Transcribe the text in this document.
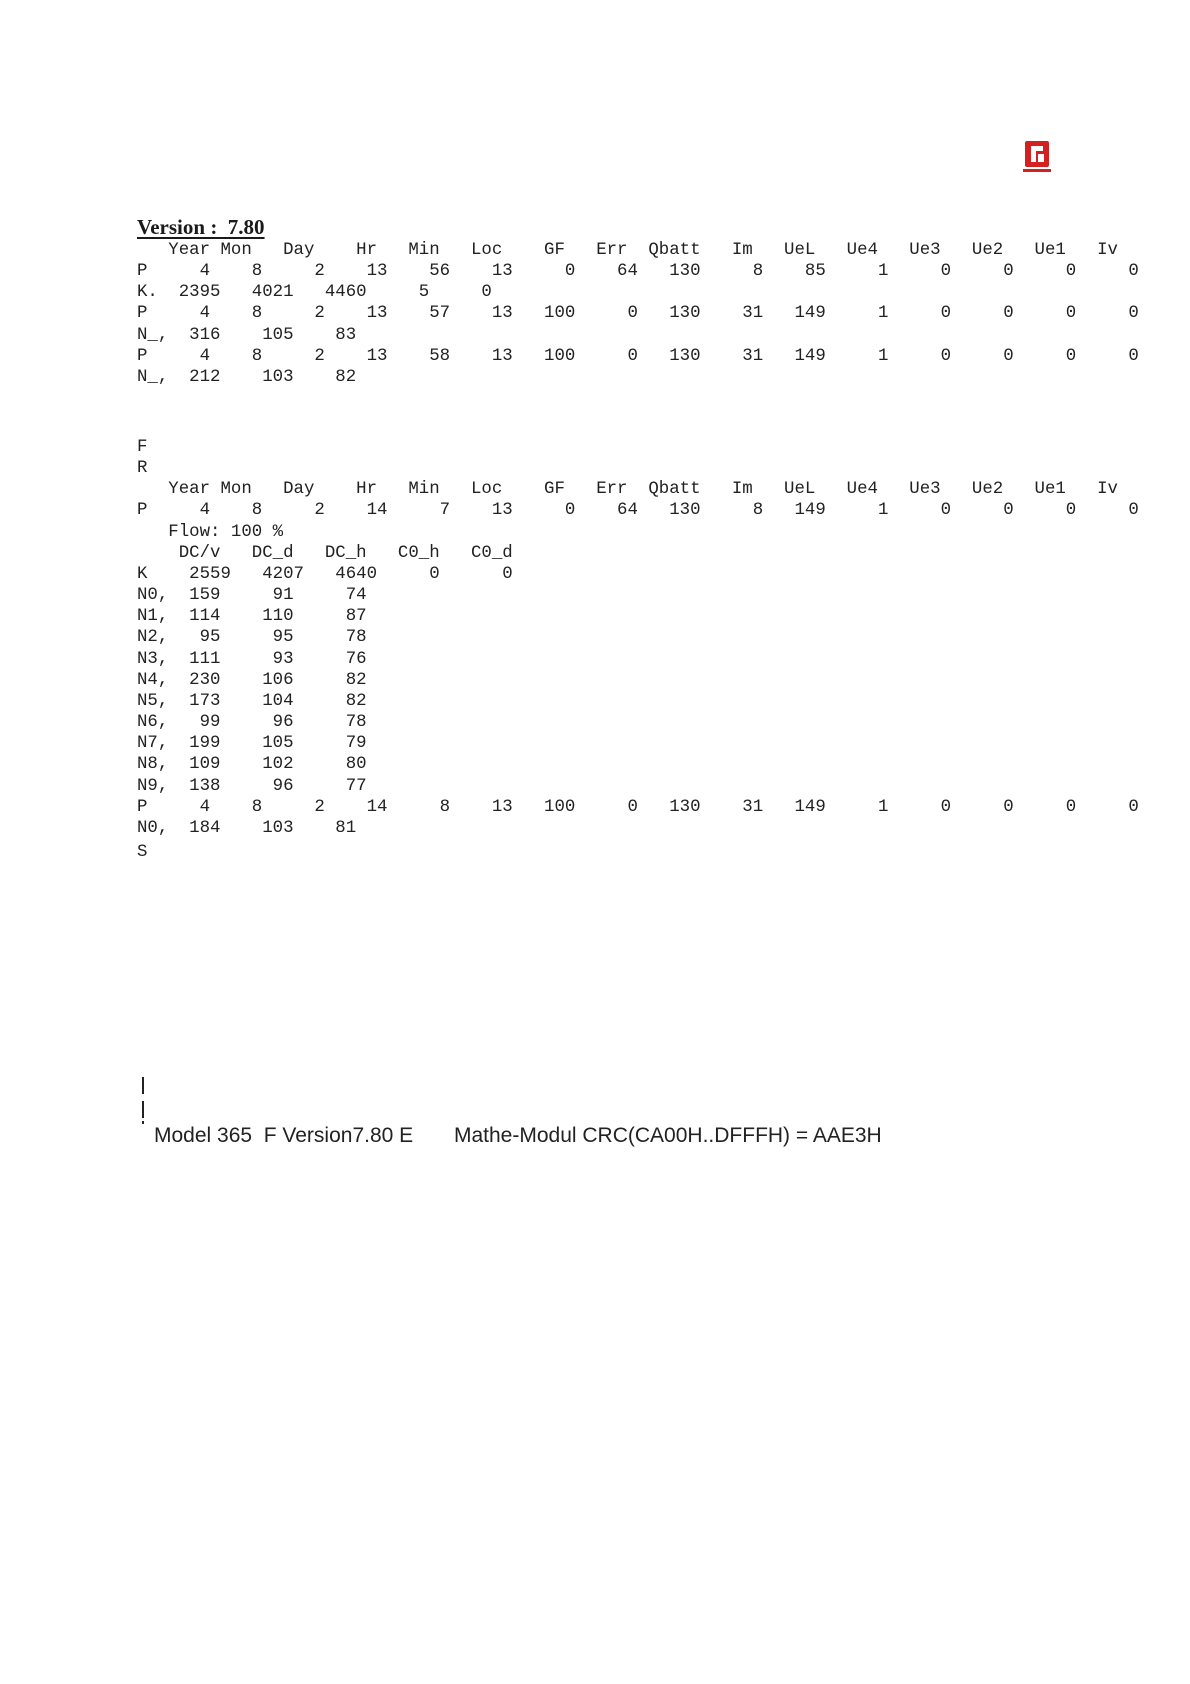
Version :  7.80
Year Mon   Day    Hr   Min   Loc    GF   Err  Qbatt   Im   UeL   Ue4   Ue3   Ue2   Ue1   Iv
P     4    8     2    13    56    13     0    64   130     8    85     1     0     0     0     0
K.  2395   4021   4460     5     0
P     4    8     2    13    57    13   100     0   130    31   149     1     0     0     0     0
N_,  316    105    83
P     4    8     2    13    58    13   100     0   130    31   149     1     0     0     0     0
N_,  212    103    82
F
R
Year Mon   Day    Hr   Min   Loc    GF   Err  Qbatt   Im   UeL   Ue4   Ue3   Ue2   Ue1   Iv
P     4    8     2    14     7    13     0    64   130     8   149     1     0     0     0     0
Flow: 100 %
DC/v   DC_d   DC_h   C0_h   C0_d
K    2559   4207   4640     0      0
N0,  159     91     74
N1,  114    110     87
N2,   95     95     78
N3,  111     93     76
N4,  230    106     82
N5,  173    104     82
N6,   99     96     78
N7,  199    105     79
N8,  109    102     80
N9,  138     96     77
P     4    8     2    14     8    13   100     0   130    31   149     1     0     0     0     0
N0,  184    103    81
S
Model 365  F Version7.80 E       Mathe-Modul CRC(CA00H..DFFFH) = AAE3H
